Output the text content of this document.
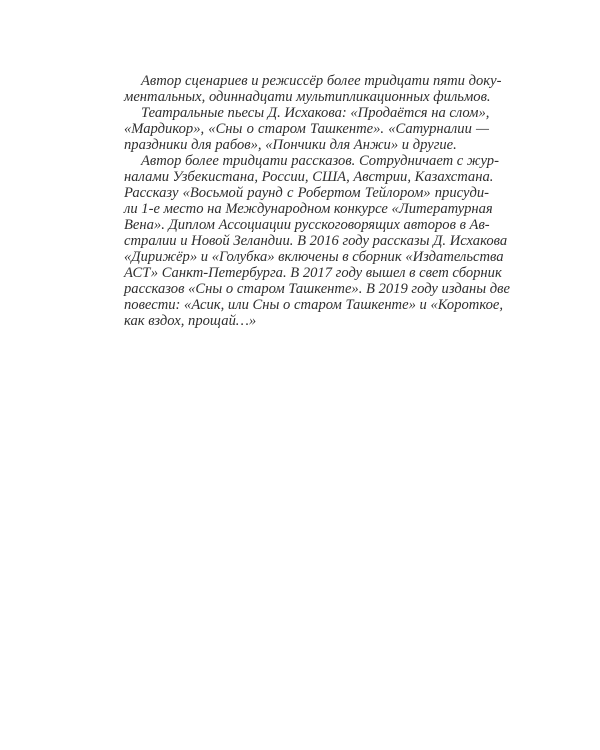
Автор сценариев и режиссёр более тридцати пяти доку-
ментальных, одиннадцати мультипликационных фильмов.
Театральные пьесы Д. Исхакова: «Продаётся на слом»,
«Мардикор», «Сны о старом Ташкенте». «Сатурналии —
праздники для рабов», «Пончики для Анжи» и другие.
Автор более тридцати рассказов. Сотрудничает с жур-
налами Узбекистана, России, США, Австрии, Казахстана.
Рассказу «Восьмой раунд с Робертом Тейлором» присуди-
ли 1-е место на Международном конкурсе «Литературная
Вена». Диплом Ассоциации русскоговорящих авторов в Ав-
стралии и Новой Зеландии. В 2016 году рассказы Д. Исхакова
«Дирижёр» и «Голубка» включены в сборник «Издательства
АСТ» Санкт-Петербурга. В 2017 году вышел в свет сборник
рассказов «Сны о старом Ташкенте». В 2019 году изданы две
повести: «Асик, или Сны о старом Ташкенте» и «Короткое,
как вздох, прощай…»
